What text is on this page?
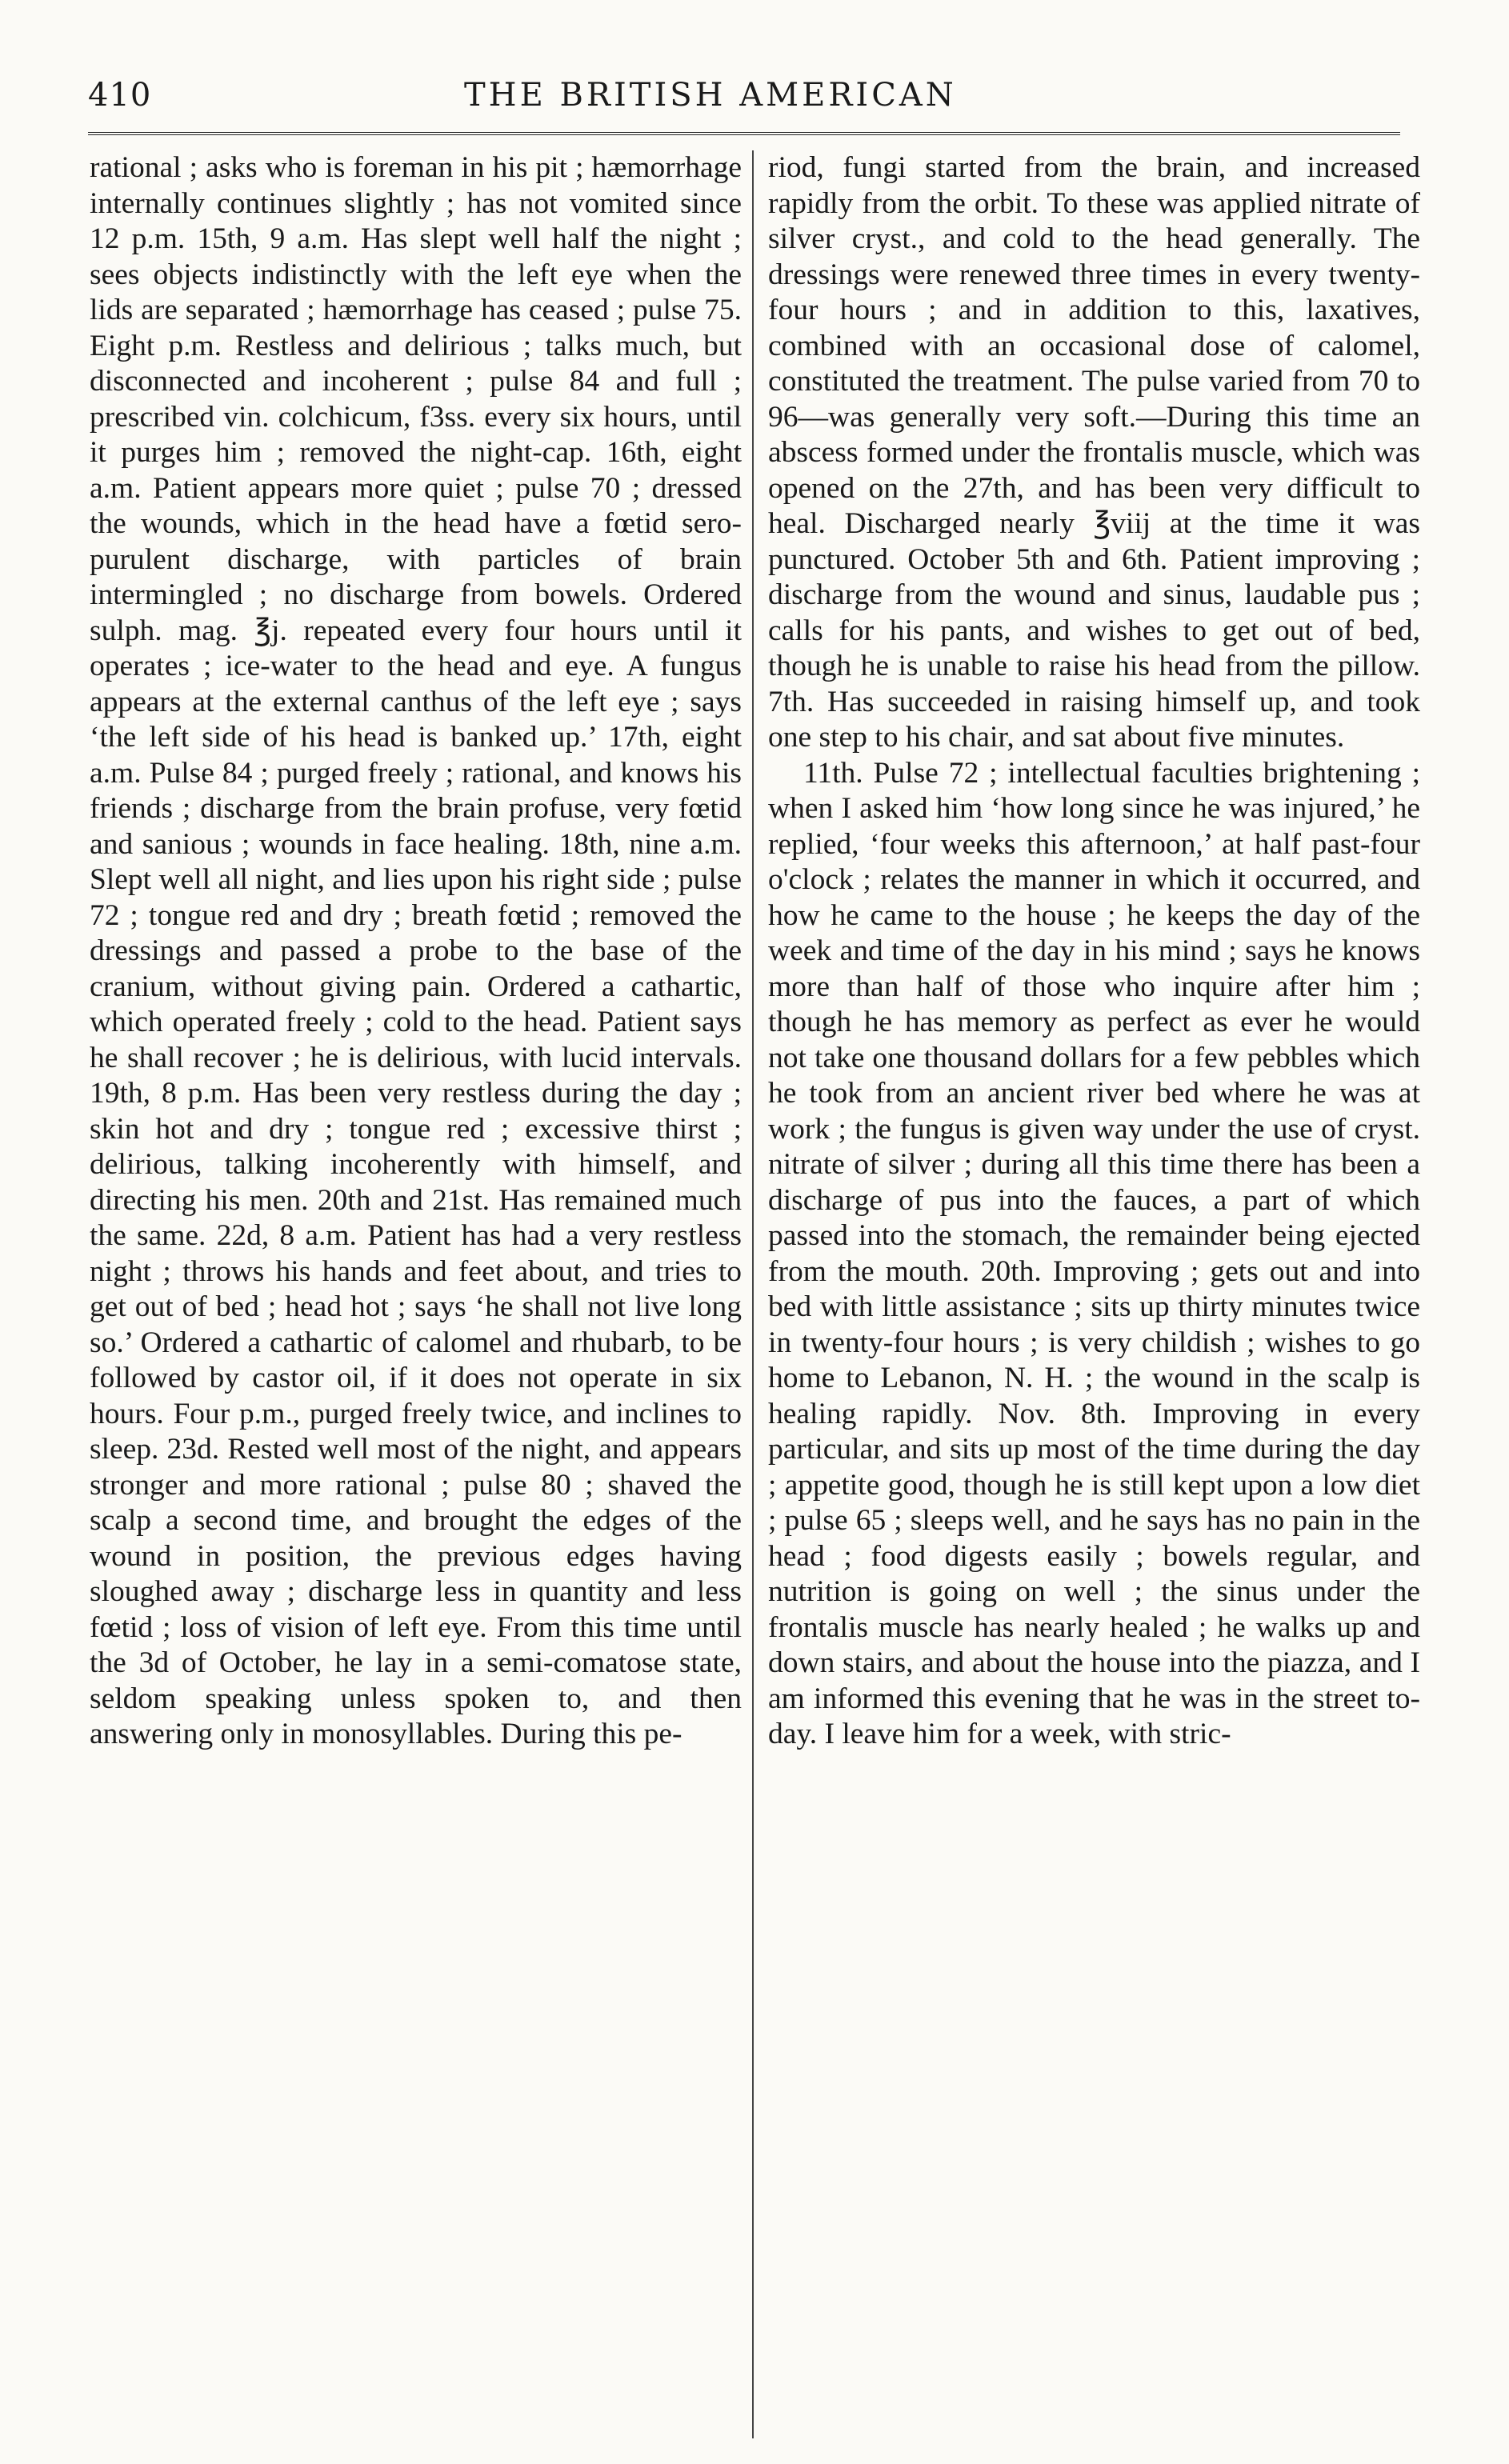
410	THE BRITISH AMERICAN

rational ; asks who is foreman in his pit ; hæmorrhage internally continues slightly ; has not vomited since 12 p.m. 15th, 9 a.m. Has slept well half the night ; sees objects indistinctly with the left eye when the lids are separated ; hæmorrhage has ceased ; pulse 75. Eight p.m. Restless and delirious ; talks much, but disconnected and incoherent ; pulse 84 and full ; prescribed vin. colchicum, f3ss. every six hours, until it purges him ; removed the night-cap. 16th, eight a.m. Patient appears more quiet ; pulse 70 ; dressed the wounds, which in the head have a fœtid sero-purulent discharge, with particles of brain intermingled ; no discharge from bowels. Ordered sulph. mag. ℥j. repeated every four hours until it operates ; ice-water to the head and eye. A fungus appears at the external canthus of the left eye ; says ‘the left side of his head is banked up.’ 17th, eight a.m. Pulse 84 ; purged freely ; rational, and knows his friends ; discharge from the brain profuse, very fœtid and sanious ; wounds in face healing. 18th, nine a.m. Slept well all night, and lies upon his right side ; pulse 72 ; tongue red and dry ; breath fœtid ; removed the dressings and passed a probe to the base of the cranium, without giving pain. Ordered a cathartic, which operated freely ; cold to the head. Patient says he shall recover ; he is delirious, with lucid intervals. 19th, 8 p.m. Has been very restless during the day ; skin hot and dry ; tongue red ; excessive thirst ; delirious, talking incoherently with himself, and directing his men. 20th and 21st. Has remained much the same. 22d, 8 a.m. Patient has had a very restless night ; throws his hands and feet about, and tries to get out of bed ; head hot ; says ‘he shall not live long so.’ Ordered a cathartic of calomel and rhubarb, to be followed by castor oil, if it does not operate in six hours. Four p.m., purged freely twice, and inclines to sleep. 23d. Rested well most of the night, and appears stronger and more rational ; pulse 80 ; shaved the scalp a second time, and brought the edges of the wound in position, the previous edges having sloughed away ; discharge less in quantity and less fœtid ; loss of vision of left eye. From this time until the 3d of October, he lay in a semi-comatose state, seldom speaking unless spoken to, and then answering only in monosyllables. During this pe-

riod, fungi started from the brain, and increased rapidly from the orbit. To these was applied nitrate of silver cryst., and cold to the head generally. The dressings were renewed three times in every twenty-four hours ; and in addition to this, laxatives, combined with an occasional dose of calomel, constituted the treatment. The pulse varied from 70 to 96—was generally very soft.—During this time an abscess formed under the frontalis muscle, which was opened on the 27th, and has been very difficult to heal. Discharged nearly ℥viij at the time it was punctured. October 5th and 6th. Patient improving ; discharge from the wound and sinus, laudable pus ; calls for his pants, and wishes to get out of bed, though he is unable to raise his head from the pillow. 7th. Has succeeded in raising himself up, and took one step to his chair, and sat about five minutes.

11th. Pulse 72 ; intellectual faculties brightening ; when I asked him ‘how long since he was injured,’ he replied, ‘four weeks this afternoon,’ at half past-four o'clock ; relates the manner in which it occurred, and how he came to the house ; he keeps the day of the week and time of the day in his mind ; says he knows more than half of those who inquire after him ; though he has memory as perfect as ever he would not take one thousand dollars for a few pebbles which he took from an ancient river bed where he was at work ; the fungus is given way under the use of cryst. nitrate of silver ; during all this time there has been a discharge of pus into the fauces, a part of which passed into the stomach, the remainder being ejected from the mouth. 20th. Improving ; gets out and into bed with little assistance ; sits up thirty minutes twice in twenty-four hours ; is very childish ; wishes to go home to Lebanon, N. H. ; the wound in the scalp is healing rapidly. Nov. 8th. Improving in every particular, and sits up most of the time during the day ; appetite good, though he is still kept upon a low diet ; pulse 65 ; sleeps well, and he says has no pain in the head ; food digests easily ; bowels regular, and nutrition is going on well ; the sinus under the frontalis muscle has nearly healed ; he walks up and down stairs, and about the house into the piazza, and I am informed this evening that he was in the street to-day. I leave him for a week, with stric-
